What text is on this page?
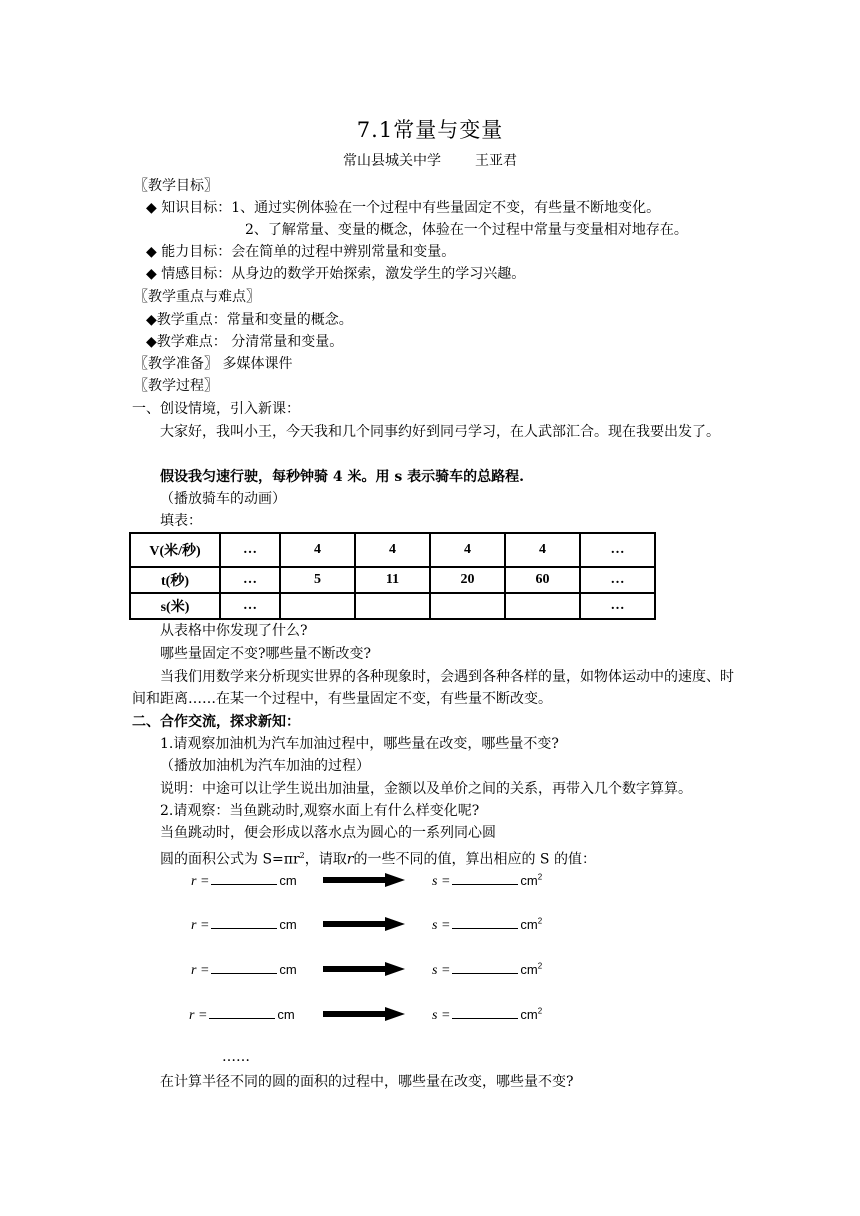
7.1常量与变量
常山县城关中学 王亚君
〖教学目标〗
◆ 知识目标：1、通过实例体验在一个过程中有些量固定不变，有些量不断地变化。
2、了解常量、变量的概念，体验在一个过程中常量与变量相对地存在。
◆ 能力目标：会在简单的过程中辨别常量和变量。
◆ 情感目标：从身边的数学开始探索，激发学生的学习兴趣。
〖教学重点与难点〗
◆教学重点：常量和变量的概念。
◆教学难点： 分清常量和变量。
〖教学准备〗 多媒体课件
〖教学过程〗
一、创设情境，引入新课：
大家好，我叫小王，今天我和几个同事约好到同弓学习，在人武部汇合。现在我要出发了。
假设我匀速行驶，每秒钟骑 4 米。用 s 表示骑车的总路程.
（播放骑车的动画）
填表：
V(米/秒)	…	4	4	4	4	…
t(秒)	…	5	11	20	60	…
s(米)	…					…
从表格中你发现了什么?
哪些量固定不变?哪些量不断改变?
当我们用数学来分析现实世界的各种现象时，会遇到各种各样的量，如物体运动中的速度、时间和距离……在某一个过程中，有些量固定不变，有些量不断改变。
二、合作交流，探求新知：
1.请观察加油机为汽车加油过程中，哪些量在改变，哪些量不变?
（播放加油机为汽车加油的过程）
说明：中途可以让学生说出加油量，金额以及单价之间的关系，再带入几个数字算算。
2.请观察：当鱼跳动时,观察水面上有什么样变化呢?
当鱼跳动时，便会形成以落水点为圆心的一系列同心圆
圆的面积公式为 $S=\pi r^2$，请取r的一些不同的值，算出相应的 S 的值：
r =	cm	s =	$cm^2$
r =	cm	s =	$cm^2$
r =	cm	s =	$cm^2$
r =	cm	s =	$cm^2$
……
在计算半径不同的圆的面积的过程中，哪些量在改变，哪些量不变?
